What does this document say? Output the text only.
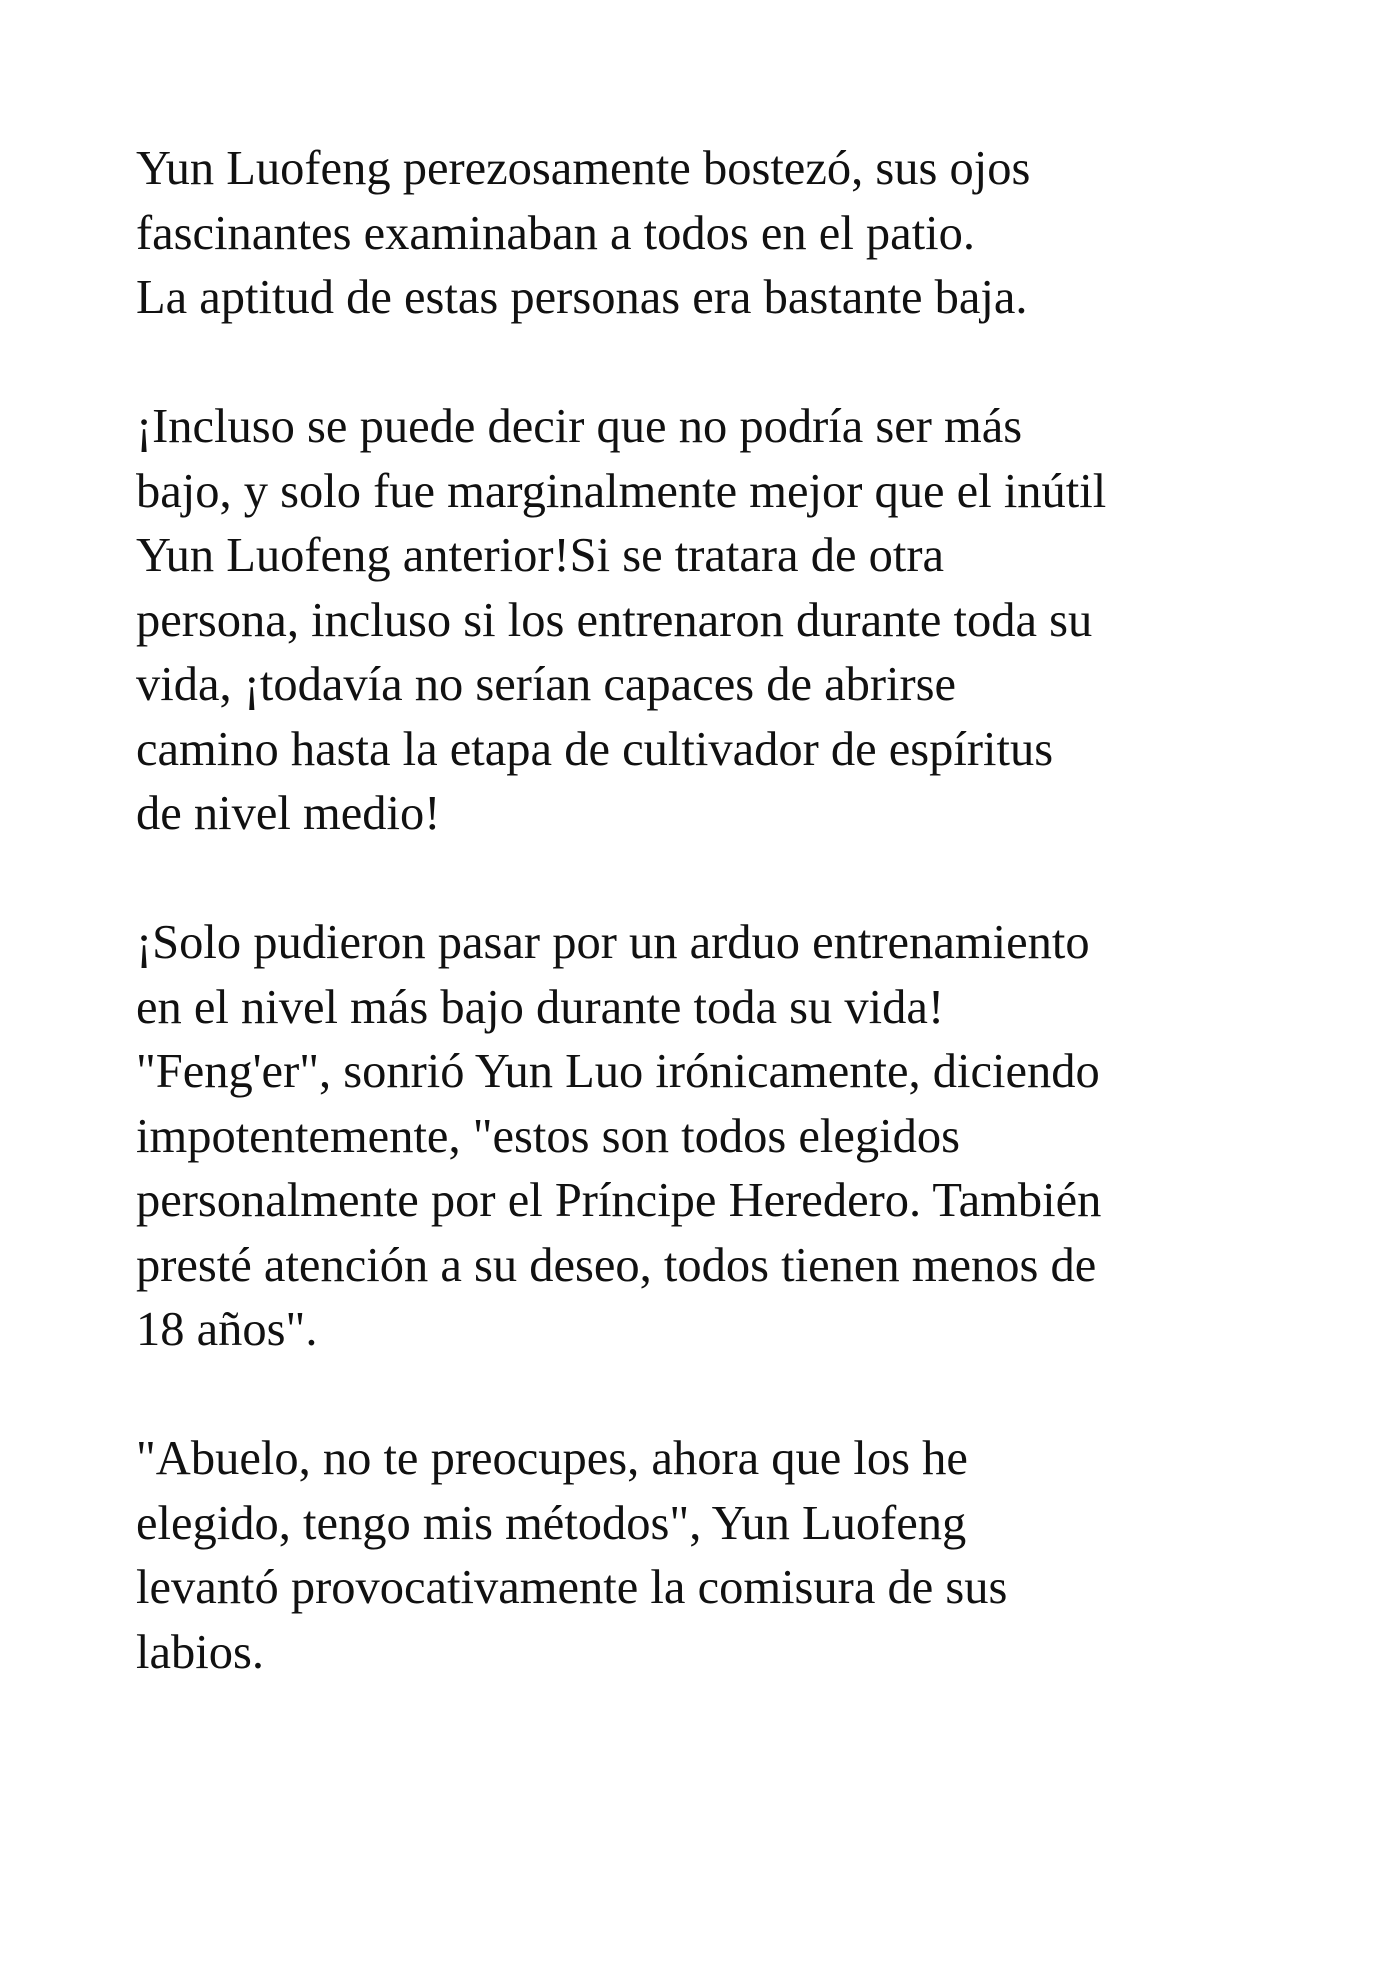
Yun Luofeng perezosamente bostezó, sus ojos
fascinantes examinaban a todos en el patio.
La aptitud de estas personas era bastante baja.

¡Incluso se puede decir que no podría ser más
bajo, y solo fue marginalmente mejor que el inútil
Yun Luofeng anterior!Si se tratara de otra
persona, incluso si los entrenaron durante toda su
vida, ¡todavía no serían capaces de abrirse
camino hasta la etapa de cultivador de espíritus
de nivel medio!

¡Solo pudieron pasar por un arduo entrenamiento
en el nivel más bajo durante toda su vida!
"Feng'er", sonrió Yun Luo irónicamente, diciendo
impotentemente, "estos son todos elegidos
personalmente por el Príncipe Heredero. También
presté atención a su deseo, todos tienen menos de
18 años".

"Abuelo, no te preocupes, ahora que los he
elegido, tengo mis métodos", Yun Luofeng
levantó provocativamente la comisura de sus
labios.
